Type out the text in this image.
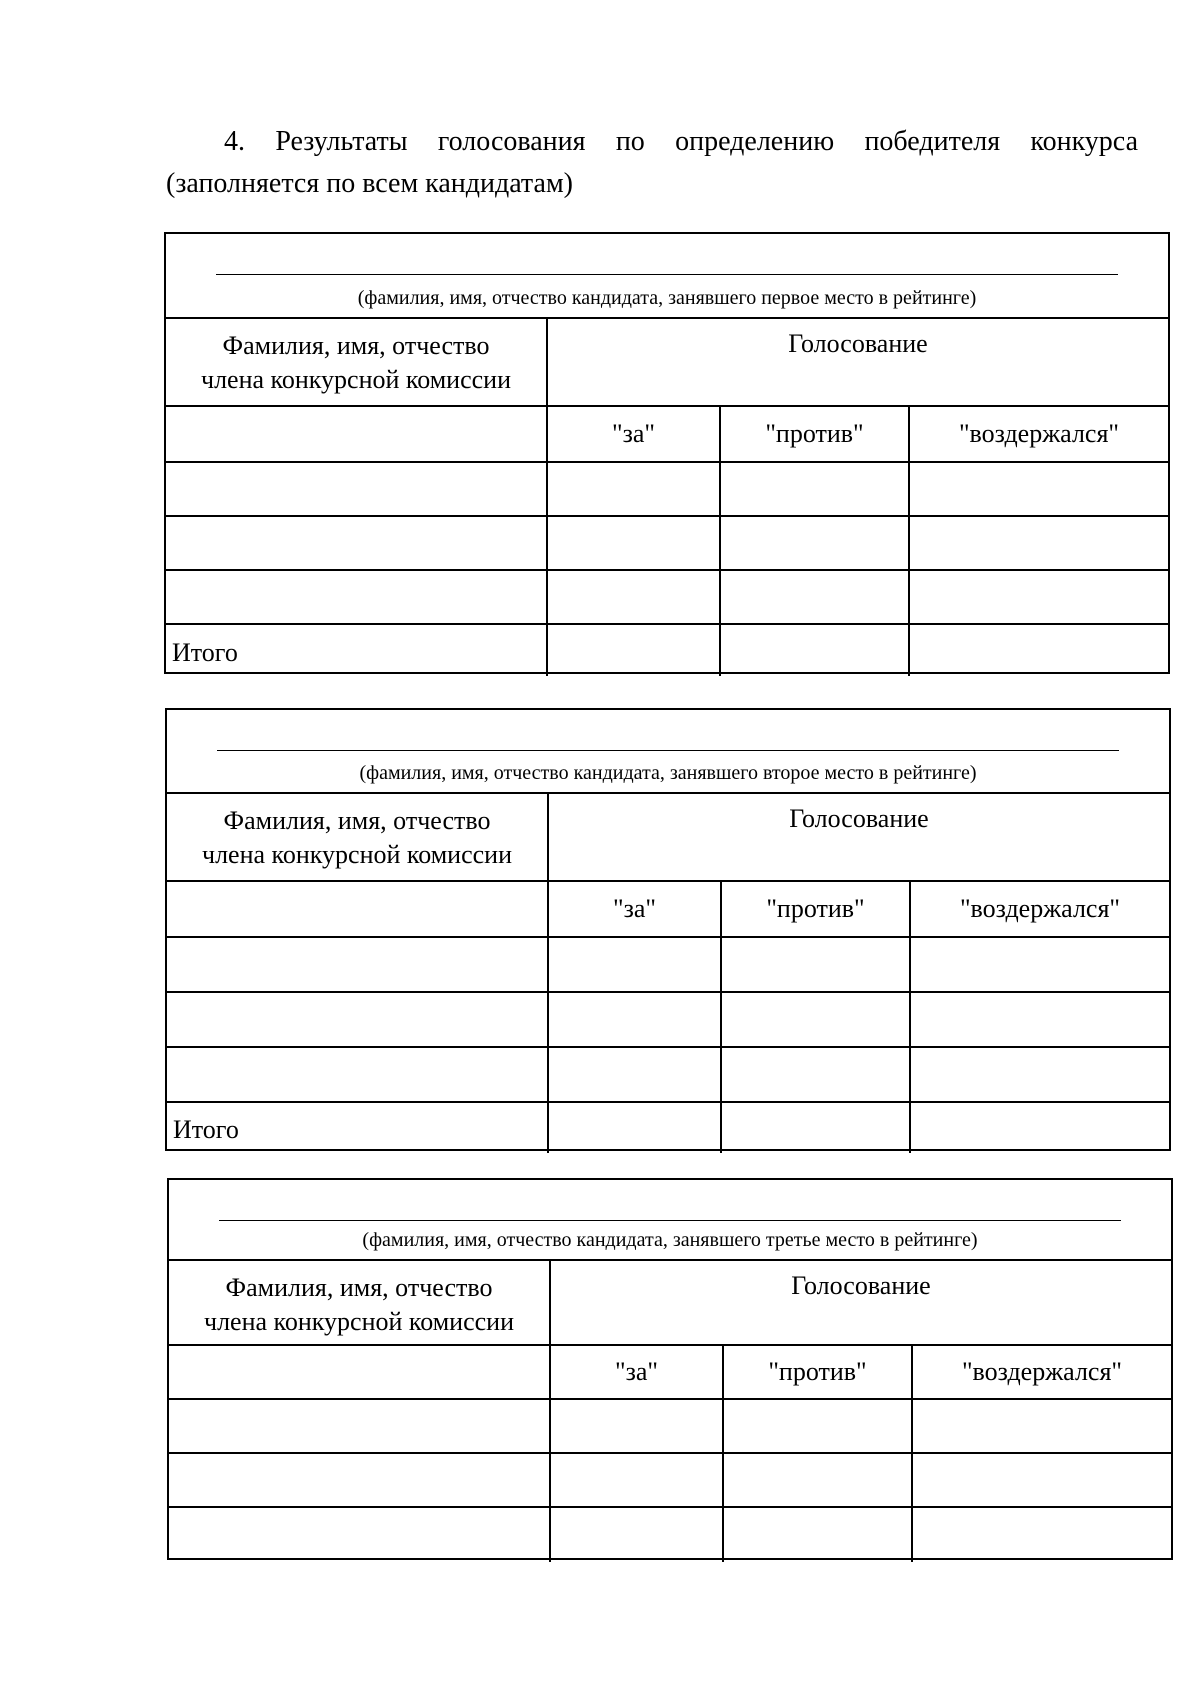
4. Результаты голосования по определению победителя конкурса
(заполняется по всем кандидатам)
(фамилия, имя, отчество кандидата, занявшего первое место в рейтинге)			

Фамилия, имя, отчество
члена конкурсной комиссии	Голосование		
	"за"	"против"	"воздержался"

Итого			
(фамилия, имя, отчество кандидата, занявшего второе место в рейтинге)			

Фамилия, имя, отчество
члена конкурсной комиссии	Голосование		
	"за"	"против"	"воздержался"

Итого			
(фамилия, имя, отчество кандидата, занявшего третье место в рейтинге)			

Фамилия, имя, отчество
члена конкурсной комиссии	Голосование		
	"за"	"против"	"воздержался"
